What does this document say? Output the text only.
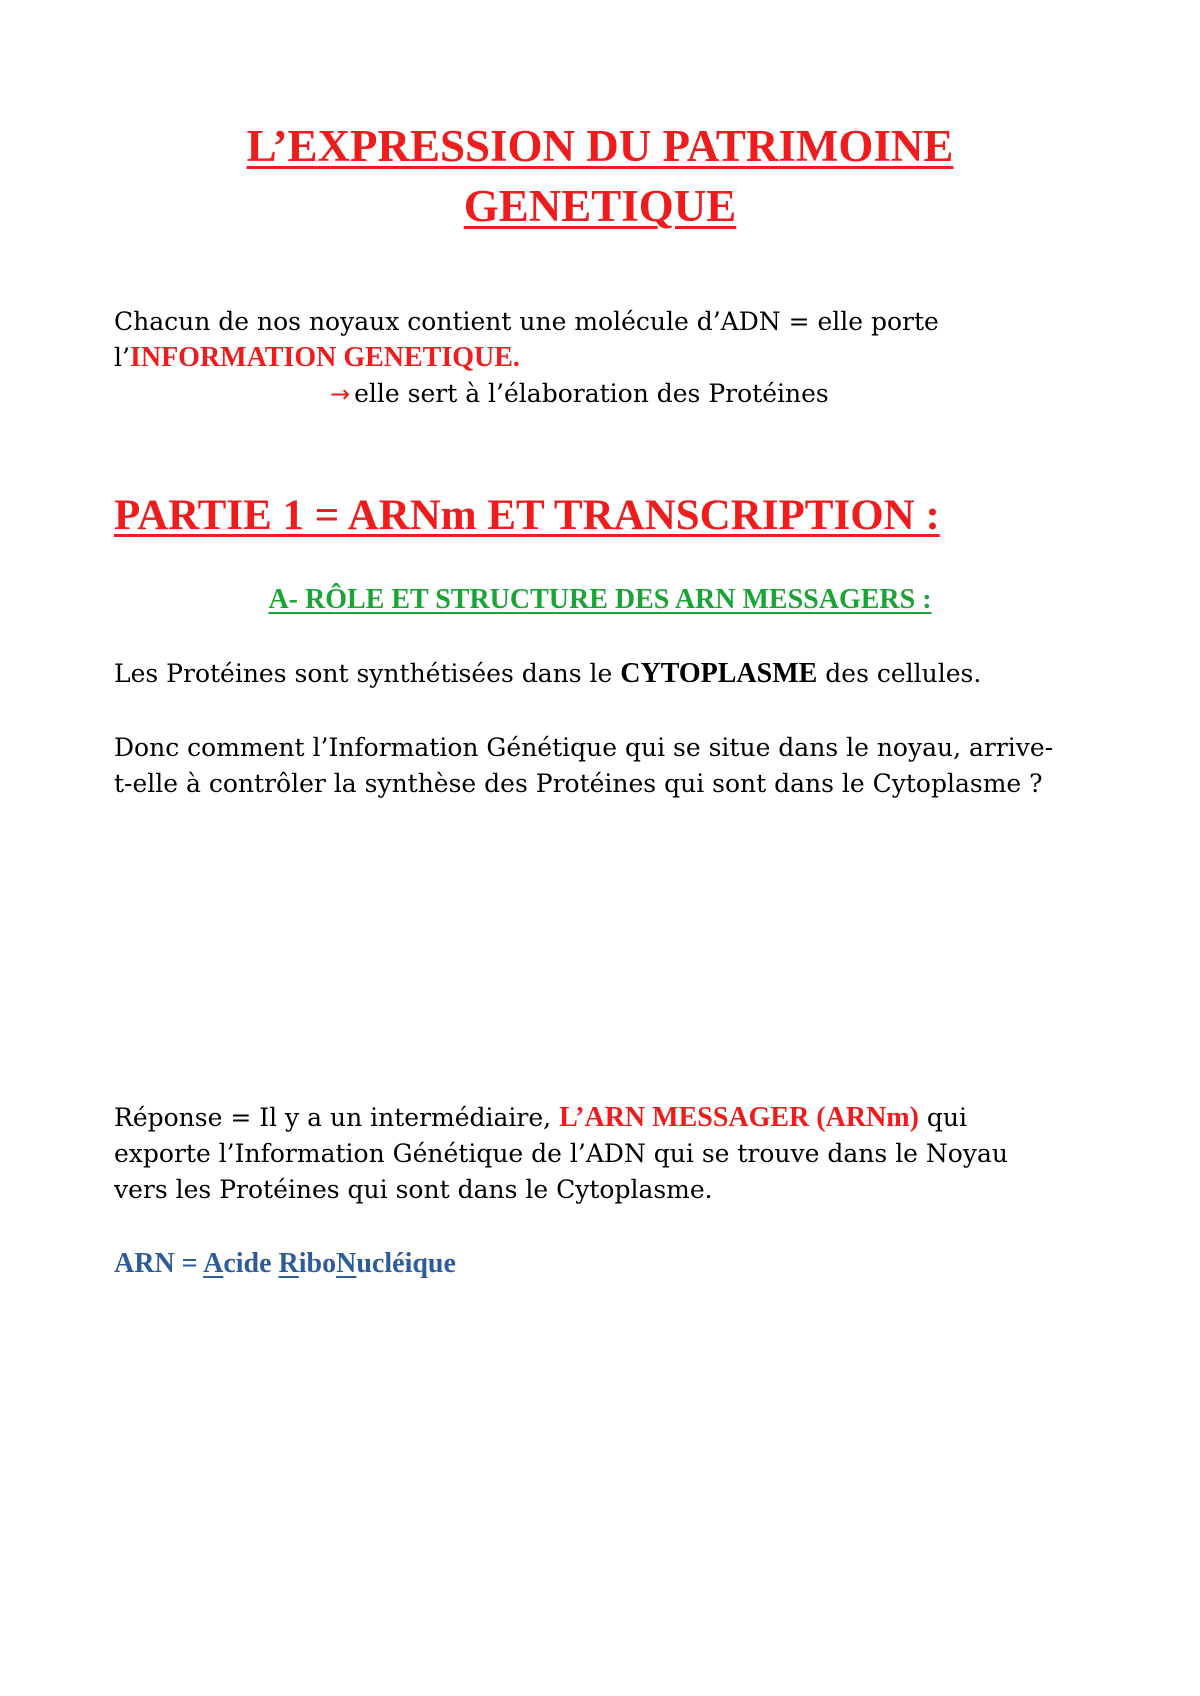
L’EXPRESSION DU PATRIMOINE
GENETIQUE

Chacun de nos noyaux contient une molécule d’ADN = elle porte

l’INFORMATION GENETIQUE.

→ elle sert à l’élaboration des Protéines

PARTIE 1 = ARNm ET TRANSCRIPTION :
A- RÔLE ET STRUCTURE DES ARN MESSAGERS :

Les Protéines sont synthétisées dans le CYTOPLASME des cellules.

Donc comment l’Information Génétique qui se situe dans le noyau, arrive-

t-elle à contrôler la synthèse des Protéines qui sont dans le Cytoplasme ?

Réponse = Il y a un intermédiaire, L’ARN MESSAGER (ARNm) qui

exporte l’Information Génétique de l’ADN qui se trouve dans le Noyau

vers les Protéines qui sont dans le Cytoplasme.

ARN = Acide RiboNucléique
